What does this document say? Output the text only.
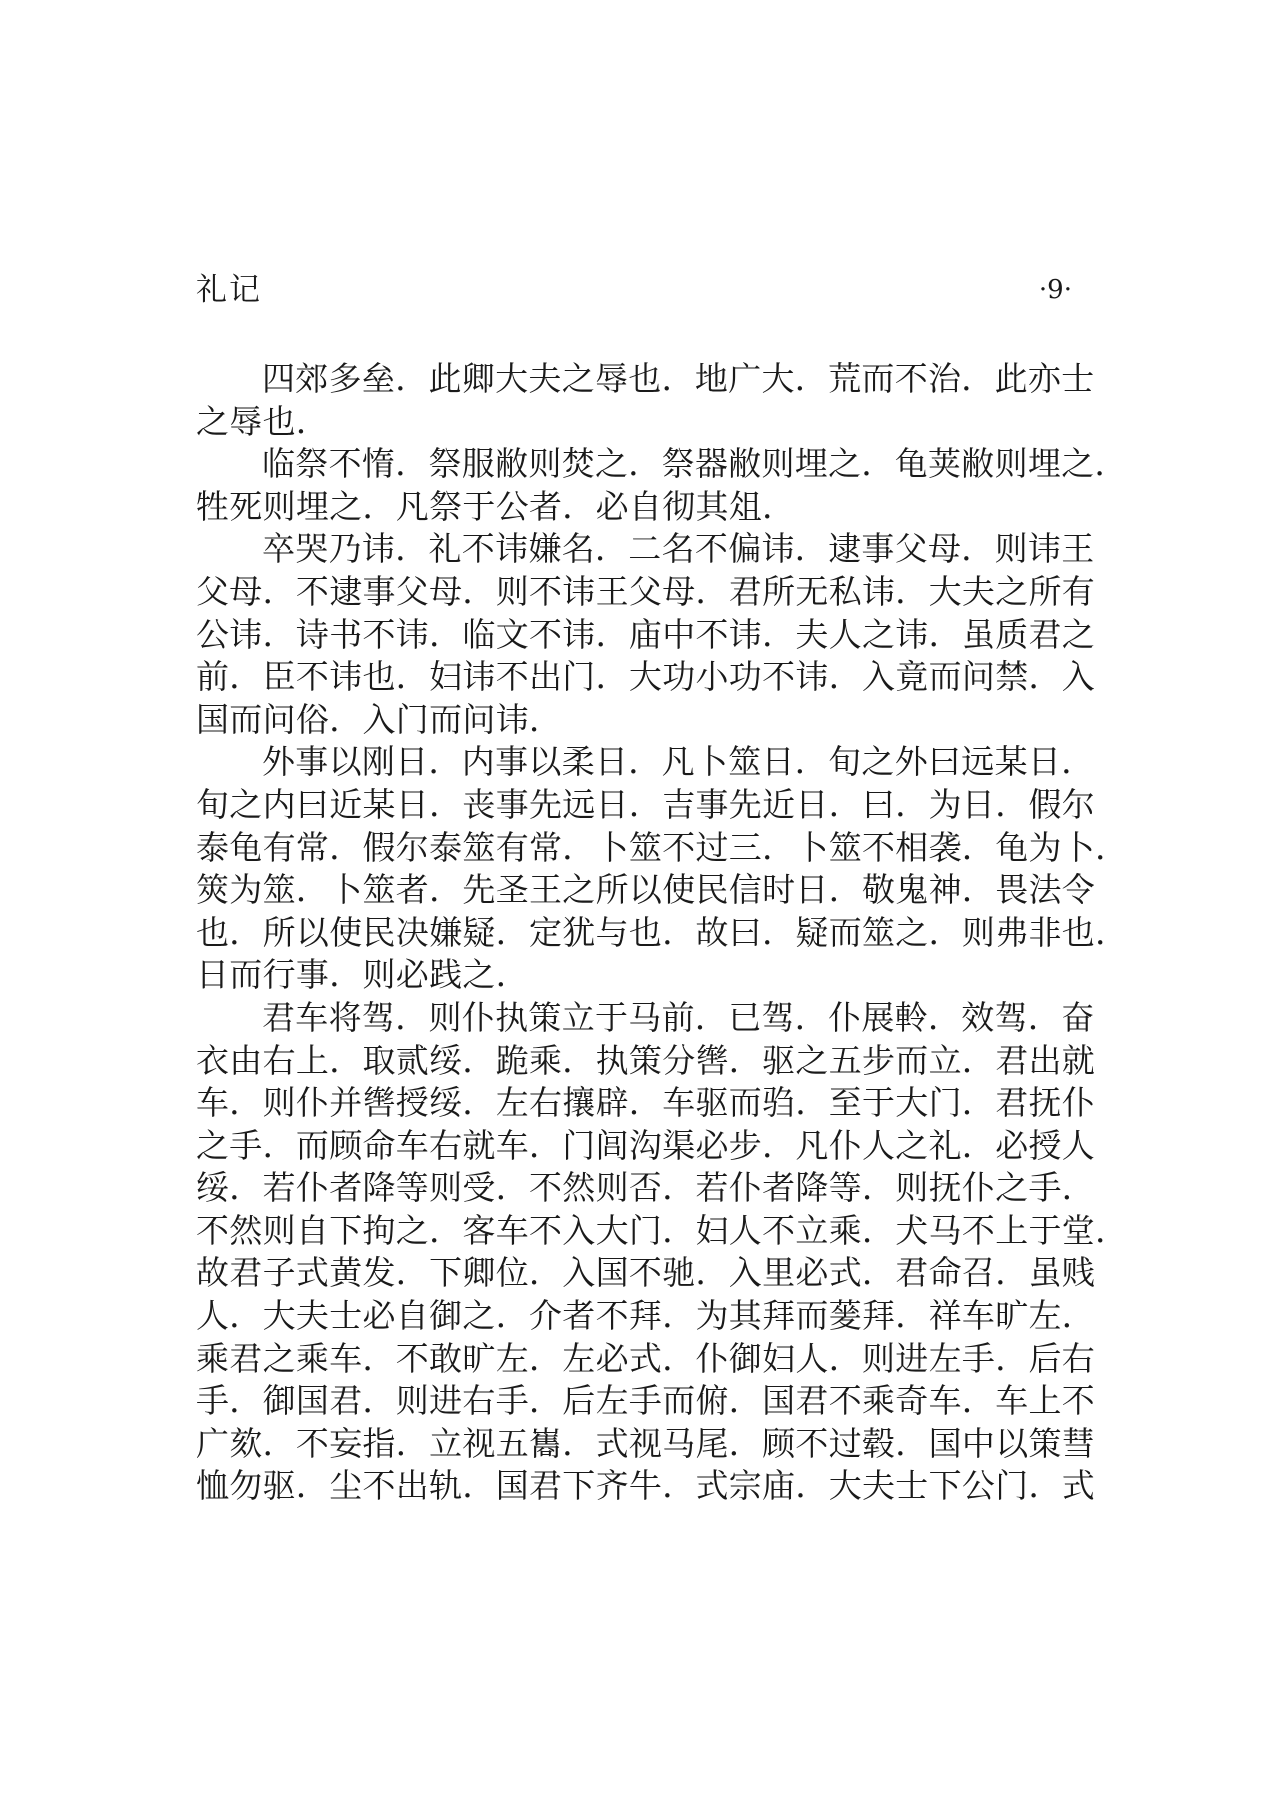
礼记	·9·

四郊多垒．此卿大夫之辱也．地广大．荒而不治．此亦士
之辱也．

临祭不惰．祭服敝则焚之．祭器敝则埋之．龟荚敝则埋之．
牲死则埋之．凡祭于公者．必自彻其俎．

卒哭乃讳．礼不讳嫌名．二名不偏讳．逮事父母．则讳王
父母．不逮事父母．则不讳王父母．君所无私讳．大夫之所有
公讳．诗书不讳．临文不讳．庙中不讳．夫人之讳．虽质君之
前．臣不讳也．妇讳不出门．大功小功不讳．入竟而问禁．入
国而问俗．入门而问讳．

外事以刚日．内事以柔日．凡卜筮日．旬之外曰远某日．
旬之内曰近某日．丧事先远日．吉事先近日．曰．为日．假尔
泰龟有常．假尔泰筮有常．卜筮不过三．卜筮不相袭．龟为卜．
筴为筮．卜筮者．先圣王之所以使民信时日．敬鬼神．畏法令
也．所以使民决嫌疑．定犹与也．故曰．疑而筮之．则弗非也．
日而行事．则必践之．

君车将驾．则仆执策立于马前．已驾．仆展軨．效驾．奋
衣由右上．取贰绥．跪乘．执策分辔．驱之五步而立．君出就
车．则仆并辔授绥．左右攘辟．车驱而驺．至于大门．君抚仆
之手．而顾命车右就车．门闾沟渠必步．凡仆人之礼．必授人
绥．若仆者降等则受．不然则否．若仆者降等．则抚仆之手．
不然则自下拘之．客车不入大门．妇人不立乘．犬马不上于堂．
故君子式黄发．下卿位．入国不驰．入里必式．君命召．虽贱
人．大夫士必自御之．介者不拜．为其拜而蓌拜．祥车旷左．
乘君之乘车．不敢旷左．左必式．仆御妇人．则进左手．后右
手．御国君．则进右手．后左手而俯．国君不乘奇车．车上不
广欬．不妄指．立视五巂．式视马尾．顾不过毂．国中以策彗
恤勿驱．尘不出轨．国君下齐牛．式宗庙．大夫士下公门．式
